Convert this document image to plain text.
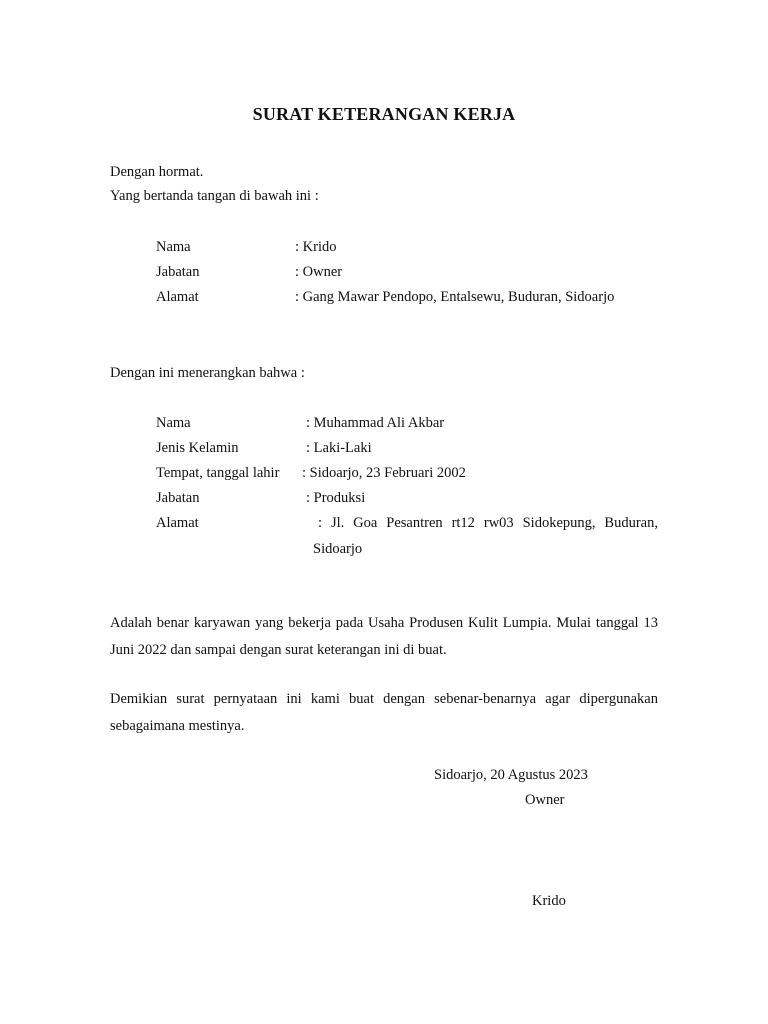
SURAT KETERANGAN KERJA
Dengan hormat.
Yang bertanda tangan di bawah ini :
Nama	: Krido
Jabatan	: Owner
Alamat	: Gang Mawar Pendopo, Entalsewu, Buduran, Sidoarjo
Dengan ini menerangkan bahwa :
Nama	: Muhammad Ali Akbar
Jenis Kelamin	: Laki-Laki
Tempat, tanggal lahir : Sidoarjo, 23 Februari 2002
Jabatan	: Produksi
Alamat	: Jl. Goa Pesantren rt12 rw03 Sidokepung, Buduran,
Sidoarjo
Adalah benar karyawan yang bekerja pada Usaha Produsen Kulit Lumpia. Mulai tanggal 13 Juni 2022 dan sampai dengan surat keterangan ini di buat.
Demikian surat pernyataan ini kami buat dengan sebenar-benarnya agar dipergunakan sebagaimana mestinya.
Sidoarjo, 20 Agustus 2023
Owner
Krido
